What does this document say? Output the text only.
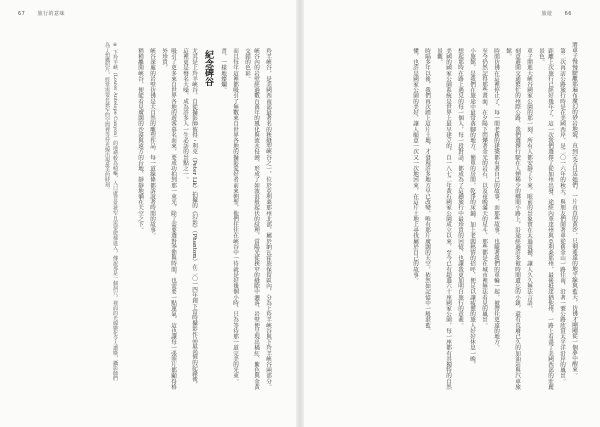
67 旅行的意味
羚羊峽谷，是美國西南部最著名的狹縫型峽谷之一，位於亞利桑那州北部，屬於納瓦霍族保留區內，分為上羚羊峽谷與下羚羊峽谷兩部分。
峽谷內的岩壁經過數百萬年的風化與流水侵蝕，形成了如波浪般起伏的紋理，當陽光從狹窄的縫隙中灑落，岩壁便呈現出橘紅、紫色與金黃交錯的色彩。
而且每年這裡都吸引了無數來自世界各地的攝影愛好者前來朝聖，他們往往在峽谷中一待就是好幾個小時，只為等待那一道完美的光束。
書，一樣地燦爛。
紀念碑谷
尤其是上羚羊峽谷，自從攝影師彼得・利克（Peter Lik）拍攝的《幻影》（Phantom）在二〇一四年創下當時攝影作品最高價的紀錄後，這裡更是聲名大噪，成為許多人一生必訪的景點之一。
吸引了更多來自世界各地的遊客慕名而來，要成功拍到那一束光，除了需要選對季節與時間，也需要一點運氣，這也讓每一張照片都顯得格外珍貴。
峽谷深處的岩壁彷彿是大自然的雕塑作品，每一道線條都訴說著時間的故事。
稍稍離開峽谷，便能看見廣闊的沙漠與遠方的台地，靜靜地躺在天空之下。
※ 下羚羊峽（Lower Antelope Canyon）的地勢較為崎嶇，入口處非常狹窄且需要爬梯進入，傳說那是一個洞穴。裡面的光線變化令人讚嘆，攝影師們為了拍攝照片，經常需要在狹窄的空間裡等待光線出現最美的時刻。
旅遊 66
將車子慢慢駛離那遍布魔幻的砂岩地貌，直到完全目送她們，一片直直的黃沙，只剩遙遠的地平線與藍天，彷彿才剛剛從一個夢中醒來。
第二次再訪公路旅行時是在美國西岸，是二〇一六年的秋天，與朋友們開著車從舊金山一路往南，沿著一號公路欣賞太平洋沿岸的風景。
距離上次旅行已經好幾年了，這一次我們選擇了從加州出發，途經內華達州與亞利桑那州，最後抵達猶他州，一路上看盡了美國西部的壯麗景色。
車子開進大峽谷國家公園的那一刻，所有人都安靜了下來，眼前的景象實在太過震撼，讓人久久無法言語。
刻意避開交通繁忙的州際公路，我們選擇行駛在人煙稀少的鄉間小路上，沿途經過許多被時間遺忘的小鎮，還有荒廢已久的加油站與汽車旅館。
時間彷彿在這裡停止了，每一間老舊的建築都有著自己的故事，而那些故事，也隨著我們的車輪一起，被帶往更遠的地方。
至今仍然記得那些畫面，在夕陽下閃爍著金光的岩石，以及夜晚滿天的星斗，那些都是在城市裡無法看見的風景。
小旅館，是我們在旅途中最常落腳的地方，簡單的房間，乾淨的床鋪，加上老闆熱情的招呼，便足以讓疲憊的旅人好好休息一晚。
想起那時在路上遇見的每一個人，每一段對話，都成為了這趟旅行中最珍貴的回憶，也讓我更加明白旅行的意義。
美國的國家公園系統是世界上最早建立的，自一八七二年黃石國家公園成立以來，至今已有超過六十座國家公園，每一座都有其獨特的自然景觀。
時隔多年以後，我們再次踏上這片土地，才發現許多地方早已改變，唯有那片廣闊的天空，依然如記憶中一般湛藍。
懂，也許是國家公園的美好，讓人願意一次又一次地回來，在這片土地上尋找屬於自己的故事。
